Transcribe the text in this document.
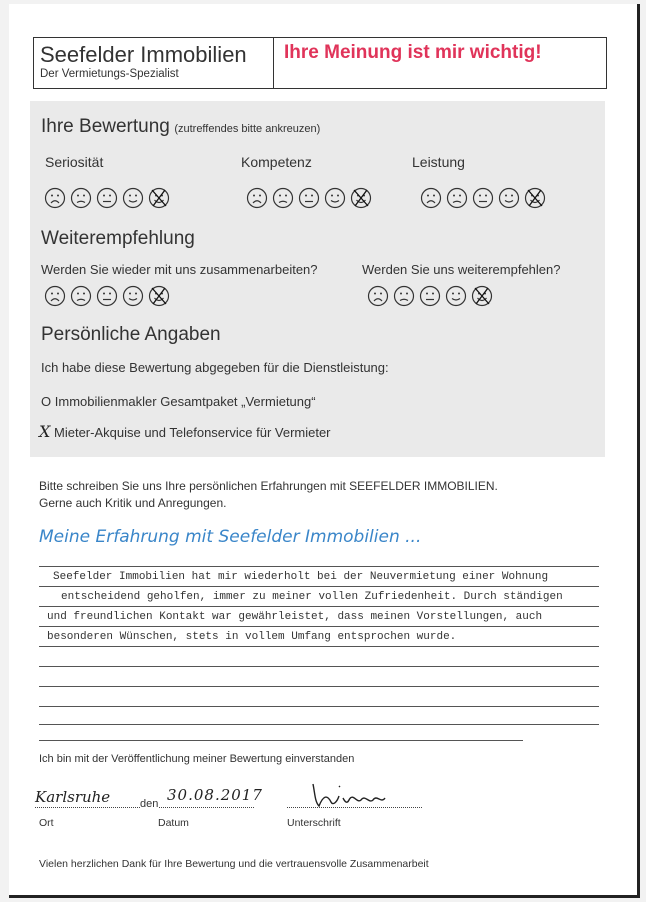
Seefelder Immobilien
Der Vermietungs-Spezialist
Ihre Meinung ist mir wichtig!
Ihre Bewertung (zutreffendes bitte ankreuzen)
Seriosität	Kompetenz	Leistung
Weiterempfehlung
Werden Sie wieder mit uns zusammenarbeiten?	Werden Sie uns weiterempfehlen?
Persönliche Angaben
Ich habe diese Bewertung abgegeben für die Dienstleistung:
O Immobilienmakler Gesamtpaket „Vermietung“
X Mieter-Akquise und Telefonservice für Vermieter
Bitte schreiben Sie uns Ihre persönlichen Erfahrungen mit SEEFELDER IMMOBILIEN.
Gerne auch Kritik und Anregungen.
Meine Erfahrung mit Seefelder Immobilien ...
Seefelder Immobilien hat mir wiederholt bei der Neuvermietung einer Wohnung
entscheidend geholfen, immer zu meiner vollen Zufriedenheit. Durch ständigen
und freundlichen Kontakt war gewährleistet, dass meinen Vorstellungen, auch
besonderen Wünschen, stets in vollem Umfang entsprochen wurde.
Ich bin mit der Veröffentlichung meiner Bewertung einverstanden
Karlsruhe	den 30.08.2017
Ort	Datum	Unterschrift
Vielen herzlichen Dank für Ihre Bewertung und die vertrauensvolle Zusammenarbeit
